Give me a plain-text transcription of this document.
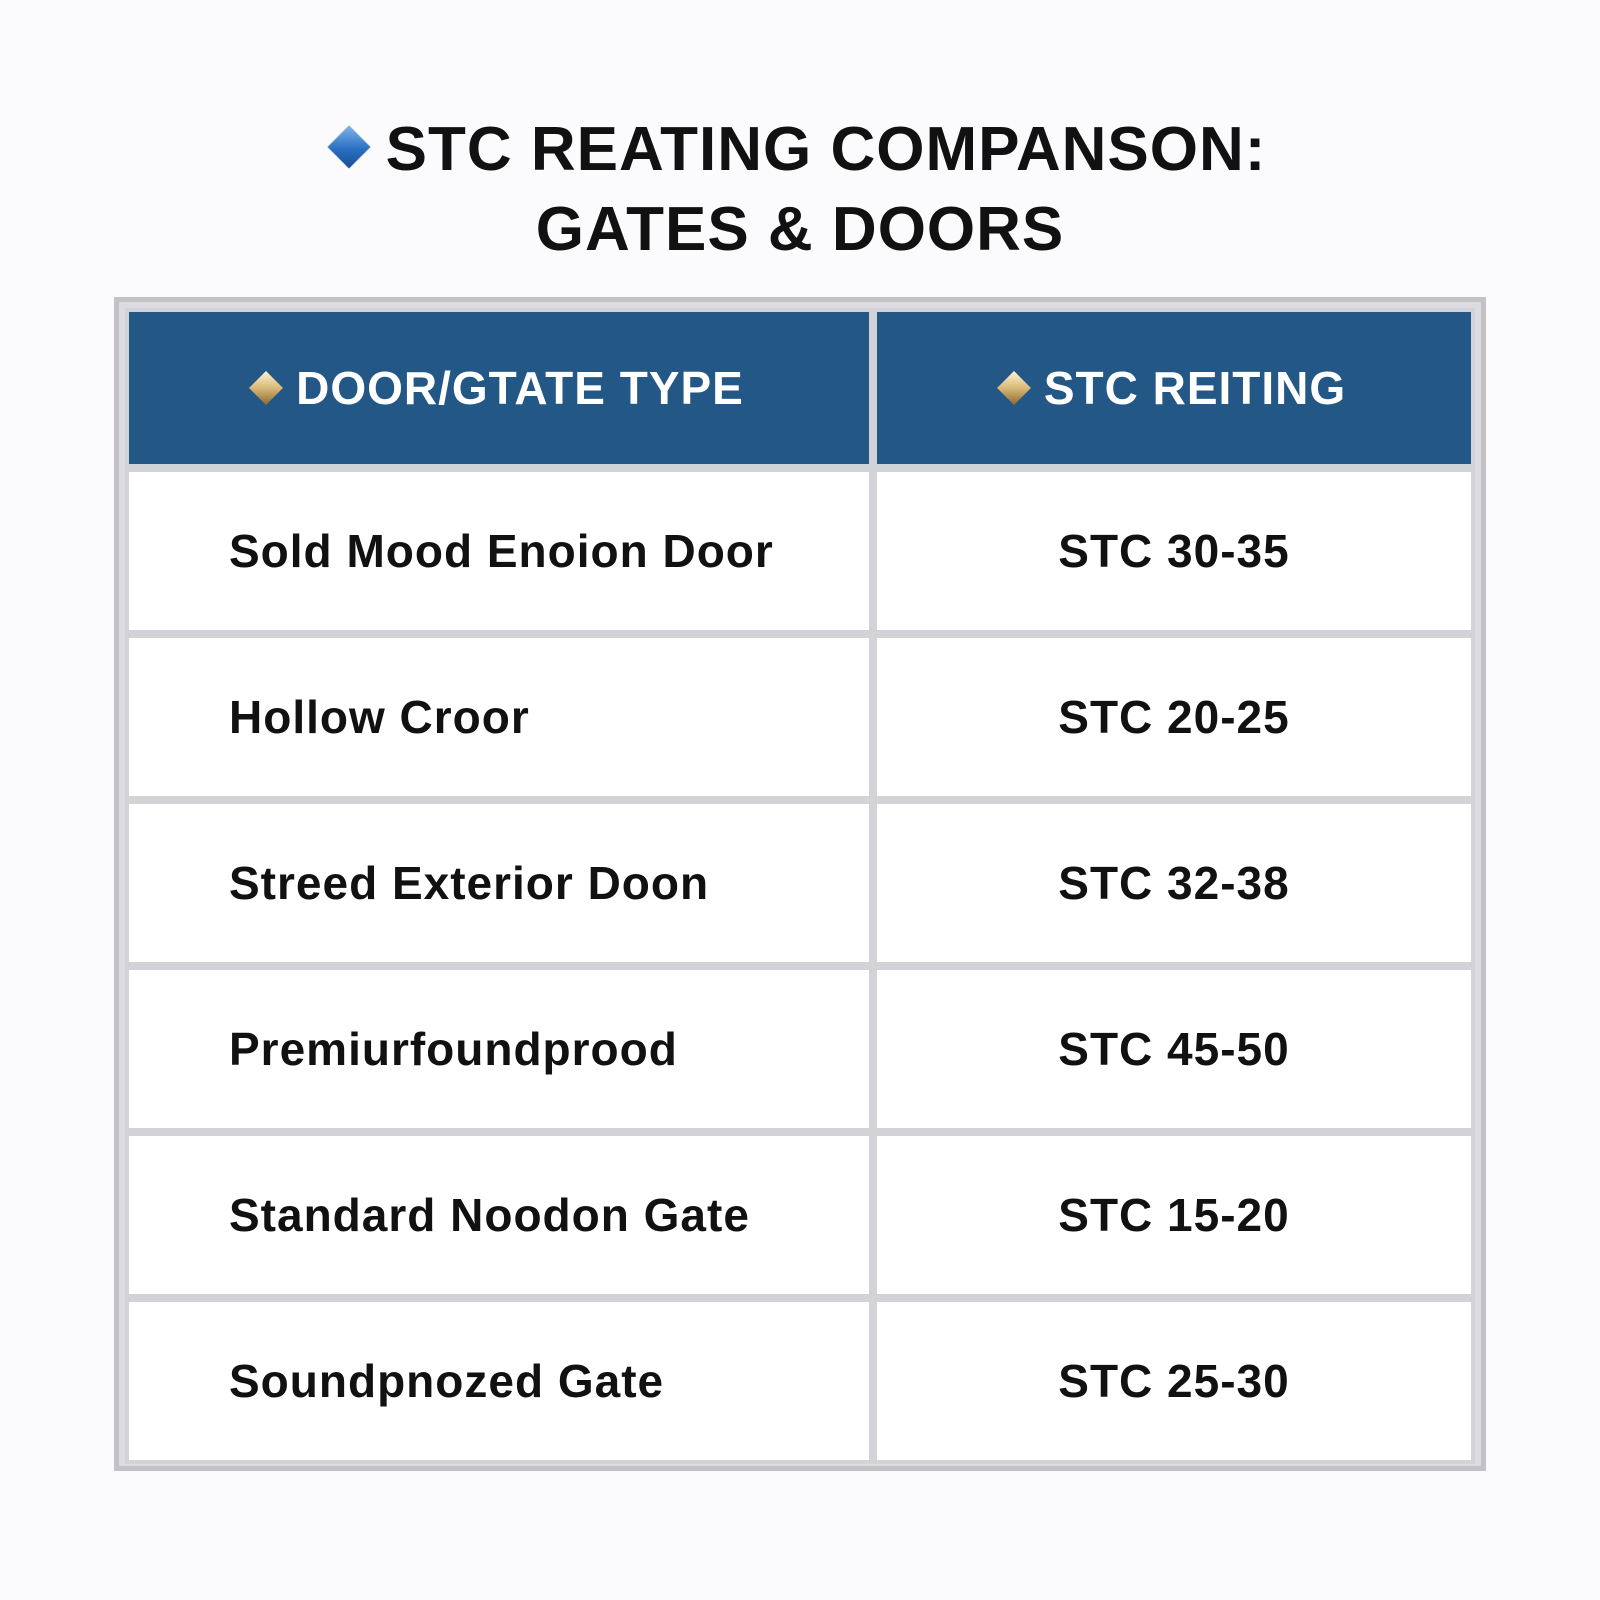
STC REATING COMPANSON:
GATES & DOORS
DOOR/GTATE TYPE	STC REITING
Sold Mood Enoion Door	STC 30-35
Hollow Croor	STC 20-25
Streed Exterior Doon	STC 32-38
Premiurfoundprood	STC 45-50
Standard Noodon Gate	STC 15-20
Soundpnozed Gate	STC 25-30
